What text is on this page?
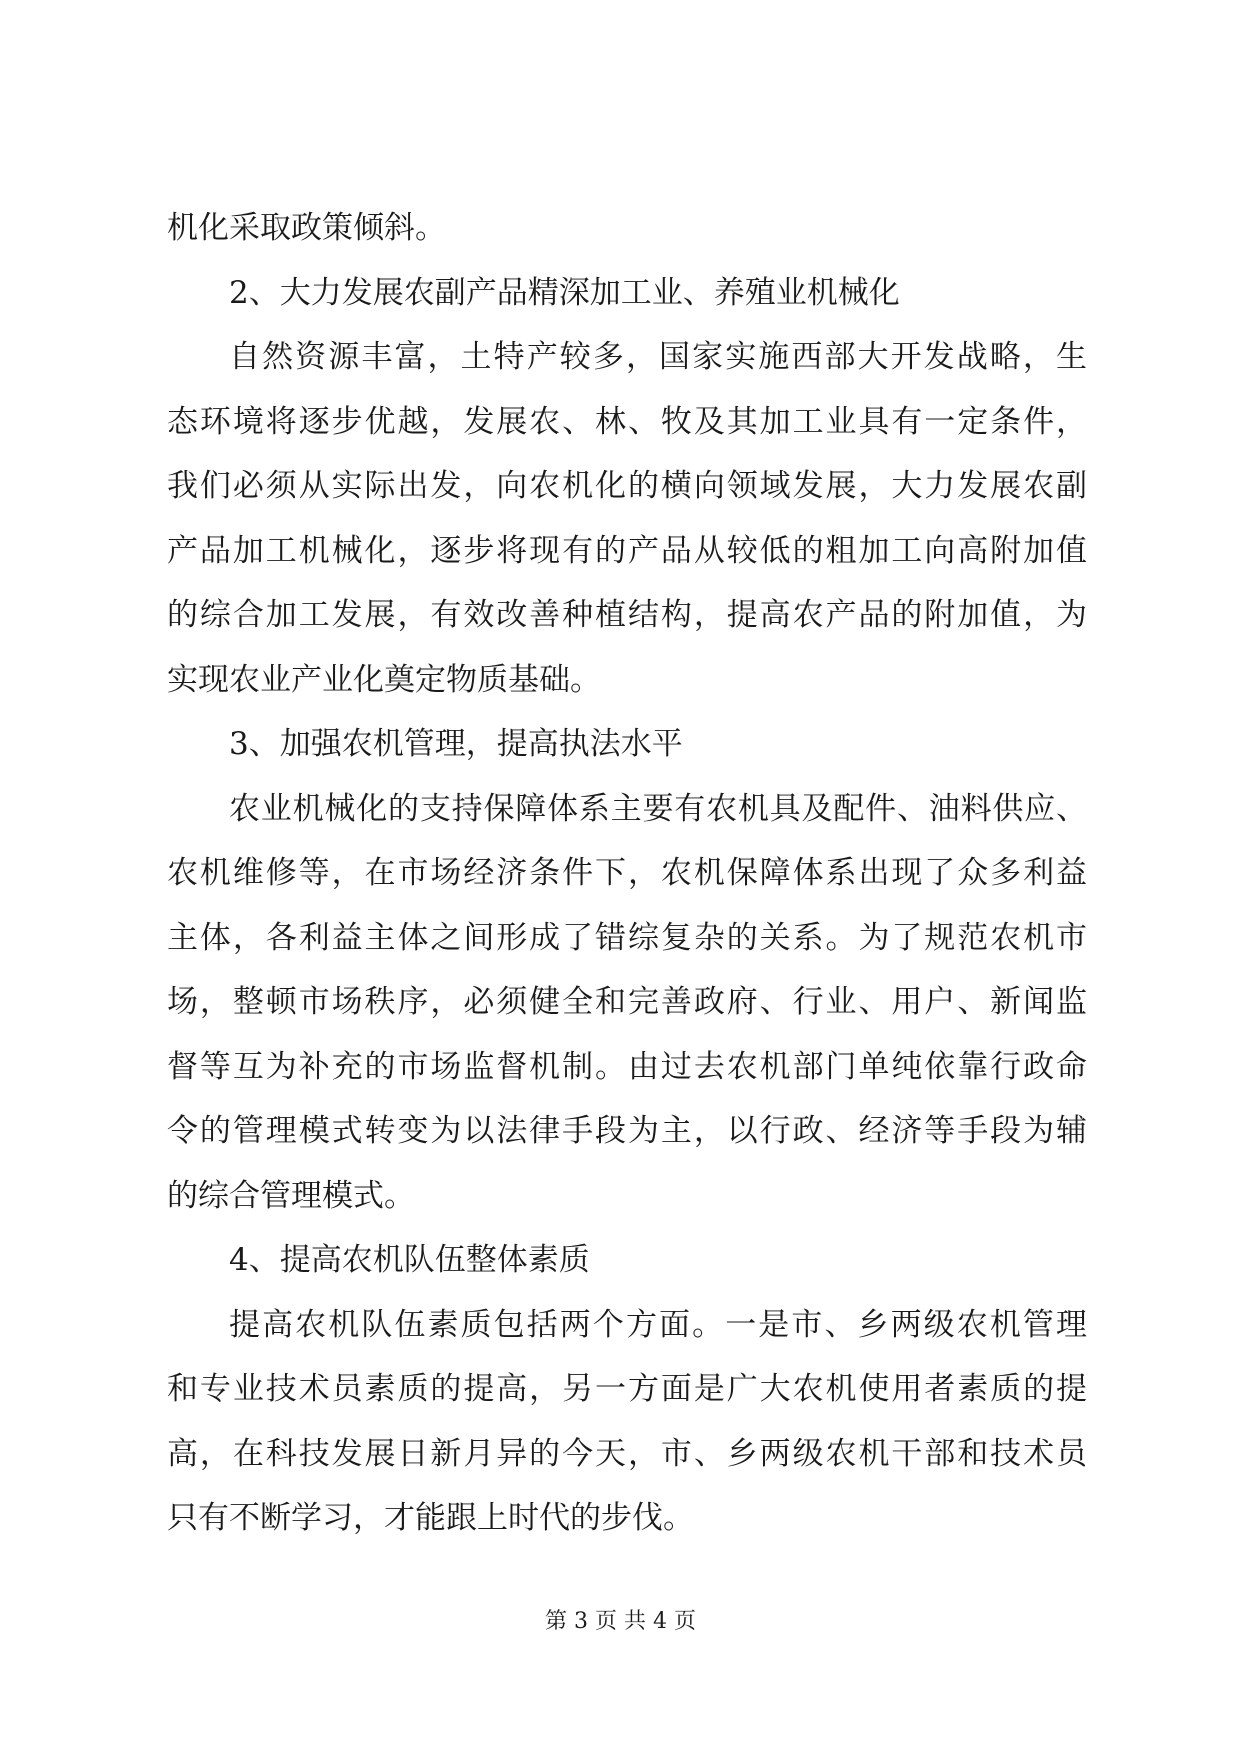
机化采取政策倾斜。
2、大力发展农副产品精深加工业、养殖业机械化
自然资源丰富，土特产较多，国家实施西部大开发战略，生
态环境将逐步优越，发展农、林、牧及其加工业具有一定条件，
我们必须从实际出发，向农机化的横向领域发展，大力发展农副
产品加工机械化，逐步将现有的产品从较低的粗加工向高附加值
的综合加工发展，有效改善种植结构，提高农产品的附加值，为
实现农业产业化奠定物质基础。
3、加强农机管理，提高执法水平
农业机械化的支持保障体系主要有农机具及配件、油料供应、
农机维修等，在市场经济条件下，农机保障体系出现了众多利益
主体，各利益主体之间形成了错综复杂的关系。为了规范农机市
场，整顿市场秩序，必须健全和完善政府、行业、用户、新闻监
督等互为补充的市场监督机制。由过去农机部门单纯依靠行政命
令的管理模式转变为以法律手段为主，以行政、经济等手段为辅
的综合管理模式。
4、提高农机队伍整体素质
提高农机队伍素质包括两个方面。一是市、乡两级农机管理
和专业技术员素质的提高，另一方面是广大农机使用者素质的提
高，在科技发展日新月异的今天，市、乡两级农机干部和技术员
只有不断学习，才能跟上时代的步伐。
第 3 页 共 4 页
